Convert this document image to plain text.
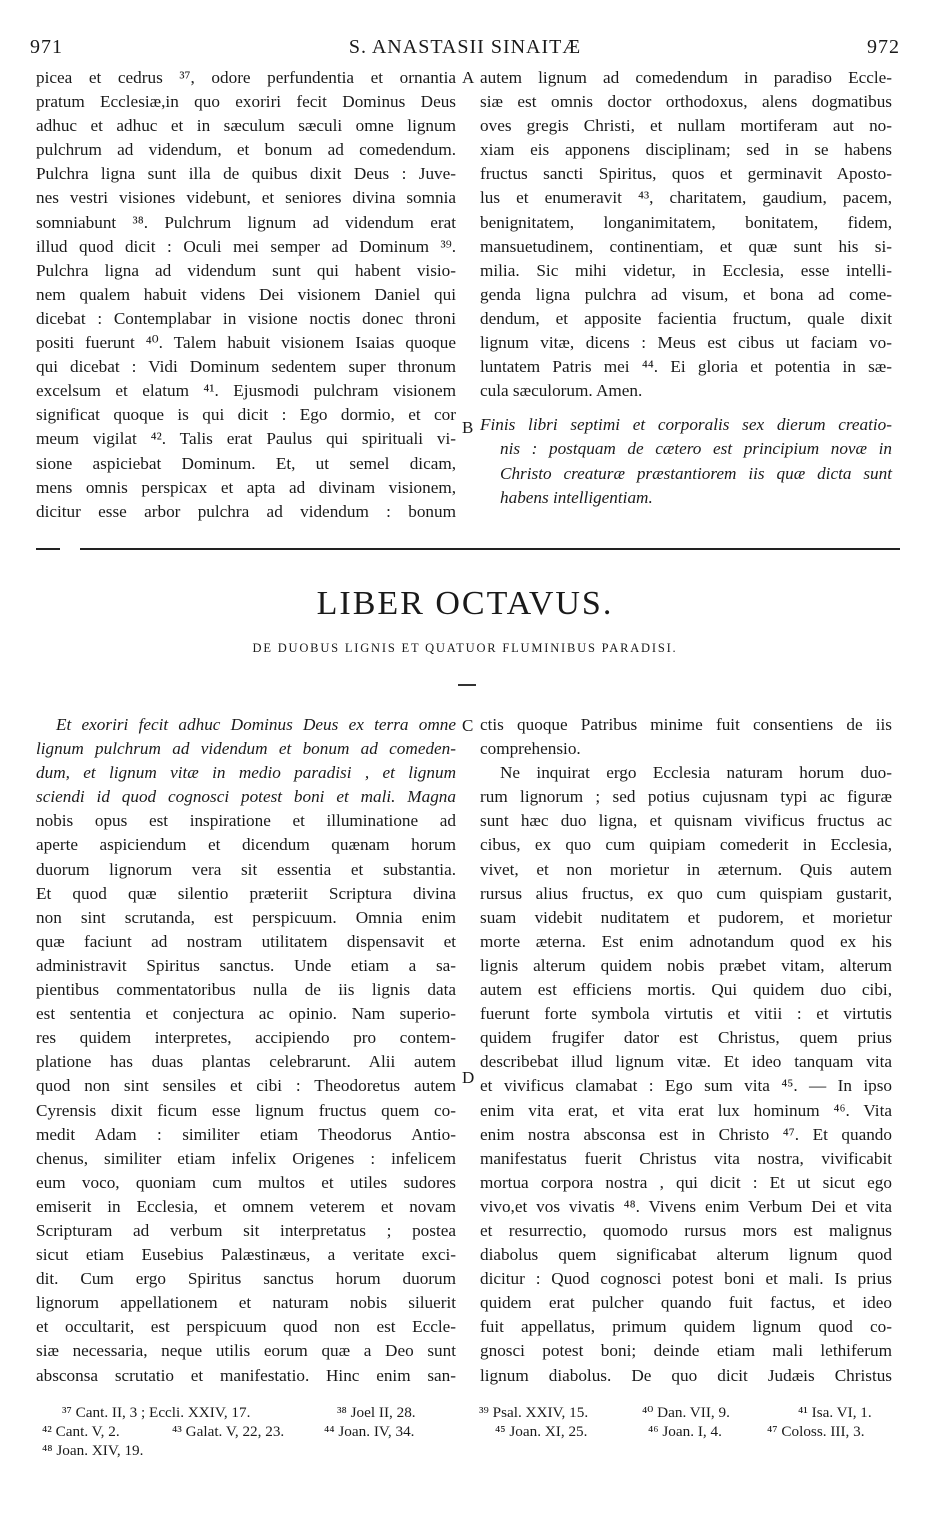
971	S. ANASTASII SINAITÆ	972
picea et cedrus ³⁷, odore perfundentia et ornantia
pratum Ecclesiæ,in quo exoriri fecit Dominus Deus
adhuc et adhuc et in sæculum sæculi omne lignum
pulchrum ad videndum, et bonum ad comedendum.
Pulchra ligna sunt illa de quibus dixit Deus : Juve-
nes vestri visiones videbunt, et seniores divina somnia
somniabunt ³⁸. Pulchrum lignum ad videndum erat
illud quod dicit : Oculi mei semper ad Dominum ³⁹.
Pulchra ligna ad videndum sunt qui habent visio-
nem qualem habuit videns Dei visionem Daniel qui
dicebat : Contemplabar in visione noctis donec throni
positi fuerunt ⁴⁰. Talem habuit visionem Isaias quoque
qui dicebat : Vidi Dominum sedentem super thronum
excelsum et elatum ⁴¹. Ejusmodi pulchram visionem
significat quoque is qui dicit : Ego dormio, et cor
meum vigilat ⁴². Talis erat Paulus qui spirituali vi-
sione aspiciebat Dominum. Et, ut semel dicam,
mens omnis perspicax et apta ad divinam visionem,
dicitur esse arbor pulchra ad videndum : bonum
autem lignum ad comedendum in paradiso Eccle-
siæ est omnis doctor orthodoxus, alens dogmatibus
oves gregis Christi, et nullam mortiferam aut no-
xiam eis apponens disciplinam; sed in se habens
fructus sancti Spiritus, quos et germinavit Aposto-
lus et enumeravit ⁴³, charitatem, gaudium, pacem,
benignitatem, longanimitatem, bonitatem, fidem,
mansuetudinem, continentiam, et quæ sunt his si-
milia. Sic mihi videtur, in Ecclesia, esse intelli-
genda ligna pulchra ad visum, et bona ad come-
dendum, et apposite facientia fructum, quale dixit
lignum vitæ, dicens : Meus est cibus ut faciam vo-
luntatem Patris mei ⁴⁴. Ei gloria et potentia in sæ-
cula sæculorum. Amen.
Finis libri septimi et corporalis sex dierum creatio-
nis : postquam de cætero est principium novæ in
Christo creaturæ præstantiorem iis quæ dicta sunt
habens intelligentiam.
A
B
C
D
LIBER OCTAVUS.
DE DUOBUS LIGNIS ET QUATUOR FLUMINIBUS PARADISI.
Et exoriri fecit adhuc Dominus Deus ex terra omne
lignum pulchrum ad videndum et bonum ad comeden-
dum, et lignum vitæ in medio paradisi , et lignum
sciendi id quod cognosci potest boni et mali. Magna
nobis opus est inspiratione et illuminatione ad
aperte aspiciendum et dicendum quænam horum
duorum lignorum vera sit essentia et substantia.
Et quod quæ silentio præteriit Scriptura divina
non sint scrutanda, est perspicuum. Omnia enim
quæ faciunt ad nostram utilitatem dispensavit et
administravit Spiritus sanctus. Unde etiam a sa-
pientibus commentatoribus nulla de iis lignis data
est sententia et conjectura ac opinio. Nam superio-
res quidem interpretes, accipiendo pro contem-
platione has duas plantas celebrarunt. Alii autem
quod non sint sensiles et cibi : Theodoretus autem
Cyrensis dixit ficum esse lignum fructus quem co-
medit Adam : similiter etiam Theodorus Antio-
chenus, similiter etiam infelix Origenes : infelicem
eum voco, quoniam cum multos et utiles sudores
emiserit in Ecclesia, et omnem veterem et novam
Scripturam ad verbum sit interpretatus ; postea
sicut etiam Eusebius Palæstinæus, a veritate exci-
dit. Cum ergo Spiritus sanctus horum duorum
lignorum appellationem et naturam nobis siluerit
et occultarit, est perspicuum quod non est Eccle-
siæ necessaria, neque utilis eorum quæ a Deo sunt
absconsa scrutatio et manifestatio. Hinc enim san-
ctis quoque Patribus minime fuit consentiens de iis
comprehensio.
Ne inquirat ergo Ecclesia naturam horum duo-
rum lignorum ; sed potius cujusnam typi ac figuræ
sunt hæc duo ligna, et quisnam vivificus fructus ac
cibus, ex quo cum quipiam comederit in Ecclesia,
vivet, et non morietur in æternum. Quis autem
rursus alius fructus, ex quo cum quispiam gustarit,
suam videbit nuditatem et pudorem, et morietur
morte æterna. Est enim adnotandum quod ex his
lignis alterum quidem nobis præbet vitam, alterum
autem est efficiens mortis. Qui quidem duo cibi,
fuerunt forte symbola virtutis et vitii : et virtutis
quidem frugifer dator est Christus, quem prius
describebat illud lignum vitæ. Et ideo tanquam vita
et vivificus clamabat : Ego sum vita ⁴⁵. — In ipso
enim vita erat, et vita erat lux hominum ⁴⁶. Vita
enim nostra absconsa est in Christo ⁴⁷. Et quando
manifestatus fuerit Christus vita nostra, vivificabit
mortua corpora nostra , qui dicit : Et ut sicut ego
vivo,et vos vivatis ⁴⁸. Vivens enim Verbum Dei et vita
et resurrectio, quomodo rursus mors est malignus
diabolus quem significabat alterum lignum quod
dicitur : Quod cognosci potest boni et mali. Is prius
quidem erat pulcher quando fuit factus, et ideo
fuit appellatus, primum quidem lignum quod co-
gnosci potest boni; deinde etiam mali lethiferum
lignum diabolus. De quo dicit Judæis Christus
³⁷ Cant. II, 3 ; Eccli. XXIV, 17.	³⁸ Joel II, 28.	³⁹ Psal. XXIV, 15.	⁴⁰ Dan. VII, 9.	⁴¹ Isa. VI, 1.
⁴² Cant. V, 2.	⁴³ Galat. V, 22, 23.	⁴⁴ Joan. IV, 34.	⁴⁵ Joan. XI, 25.	⁴⁶ Joan. I, 4.	⁴⁷ Coloss. III, 3.
⁴⁸ Joan. XIV, 19.
